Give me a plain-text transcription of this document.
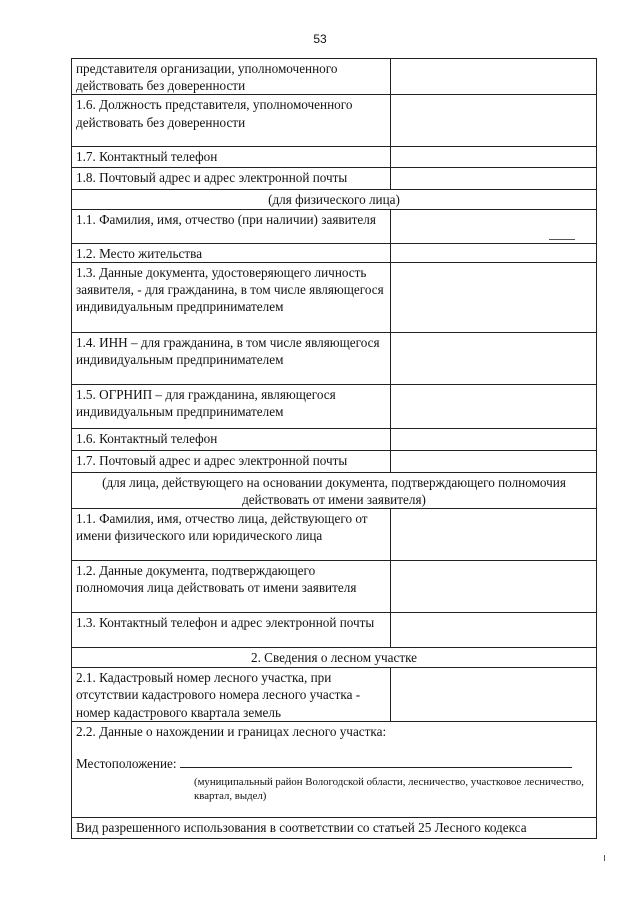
53
представителя организации, уполномоченного действовать без доверенности	
1.6. Должность представителя, уполномоченного действовать без доверенности	
1.7. Контактный телефон	
1.8. Почтовый адрес и адрес электронной почты	
(для физического лица)	
1.1. Фамилия, имя, отчество (при наличии) заявителя	
1.2. Место жительства	
1.3. Данные документа, удостоверяющего личность заявителя, - для гражданина, в том числе являющегося индивидуальным предпринимателем	
1.4. ИНН – для гражданина, в том числе являющегося индивидуальным предпринимателем	
1.5. ОГРНИП – для гражданина, являющегося индивидуальным предпринимателем	
1.6. Контактный телефон	
1.7. Почтовый адрес и адрес электронной почты	
(для лица, действующего на основании документа, подтверждающего полномочия действовать от имени заявителя)	
1.1. Фамилия, имя, отчество лица, действующего от имени физического или юридического лица	
1.2. Данные документа, подтверждающего полномочия лица действовать от имени заявителя	
1.3. Контактный телефон и адрес электронной почты	
2. Сведения о лесном участке	
2.1. Кадастровый номер лесного участка, при отсутствии кадастрового номера лесного участка - номер кадастрового квартала земель	

2.2. Данные о нахождении и границах лесного участка:
Местоположение:
(муниципальный район Вологодской области, лесничество, участковое лесничество, квартал, выдел)	

Вид разрешенного использования в соответствии со статьей 25 Лесного кодекса	
